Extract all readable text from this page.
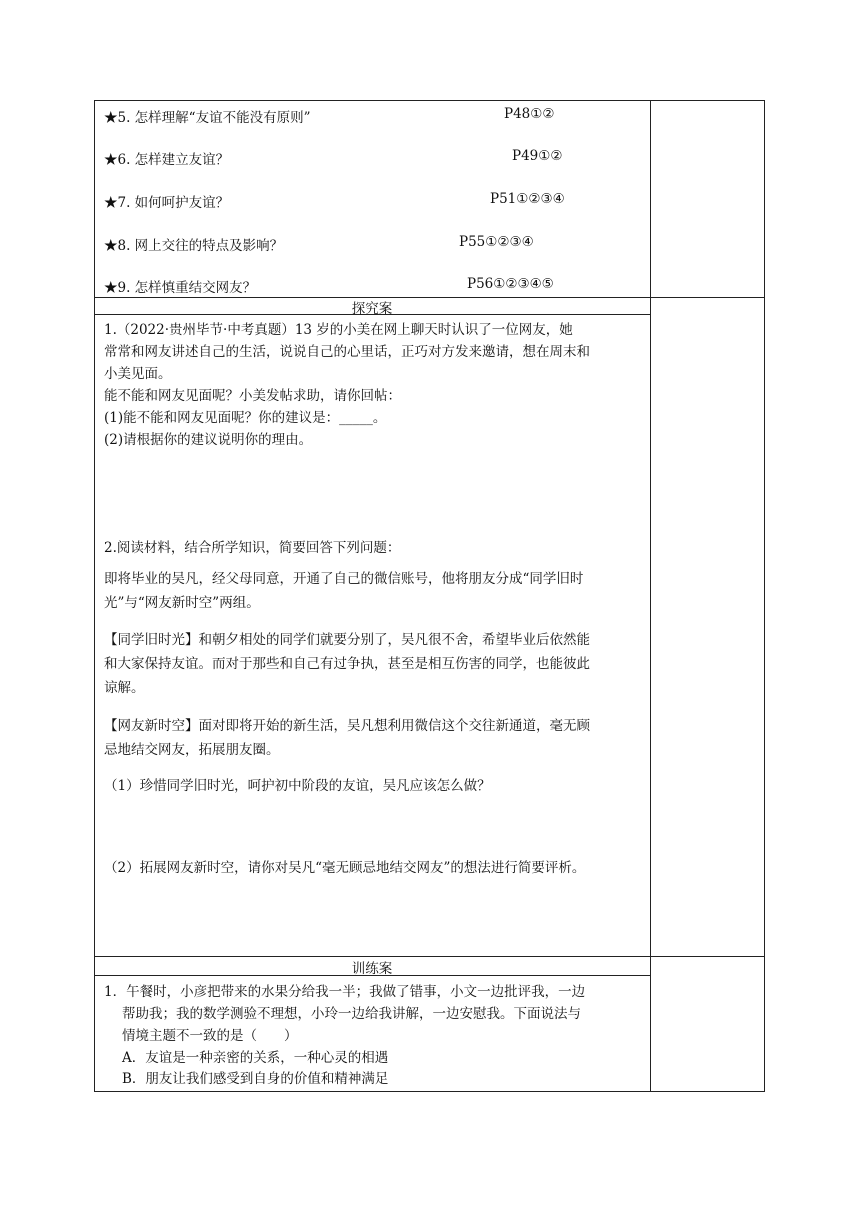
★5. 怎样理解“友谊不能没有原则”	P48①②
★6. 怎样建立友谊？	P49①②
★7. 如何呵护友谊？	P51①②③④
★8. 网上交往的特点及影响？	P55①②③④
★9. 怎样慎重结交网友？	P56①②③④⑤
探究案
1.（2022·贵州毕节·中考真题）13 岁的小美在网上聊天时认识了一位网友，她
常常和网友讲述自己的生活，说说自己的心里话，正巧对方发来邀请，想在周末和
小美见面。
能不能和网友见面呢？小美发帖求助，请你回帖：
(1)能不能和网友见面呢？你的建议是：_____。
(2)请根据你的建议说明你的理由。
2.阅读材料，结合所学知识，简要回答下列问题：
即将毕业的吴凡，经父母同意，开通了自己的微信账号，他将朋友分成“同学旧时
光”与“网友新时空”两组。
【同学旧时光】和朝夕相处的同学们就要分别了，吴凡很不舍，希望毕业后依然能
和大家保持友谊。而对于那些和自己有过争执，甚至是相互伤害的同学，也能彼此
谅解。
【网友新时空】面对即将开始的新生活，吴凡想利用微信这个交往新通道，毫无顾
忌地结交网友，拓展朋友圈。
（1）珍惜同学旧时光，呵护初中阶段的友谊，吴凡应该怎么做？
（2）拓展网友新时空，请你对吴凡“毫无顾忌地结交网友”的想法进行简要评析。
训练案
1．午餐时，小彦把带来的水果分给我一半；我做了错事，小文一边批评我，一边
帮助我；我的数学测验不理想，小玲一边给我讲解，一边安慰我。下面说法与
情境主题不一致的是（　　）
A．友谊是一种亲密的关系，一种心灵的相遇
B．朋友让我们感受到自身的价值和精神满足
